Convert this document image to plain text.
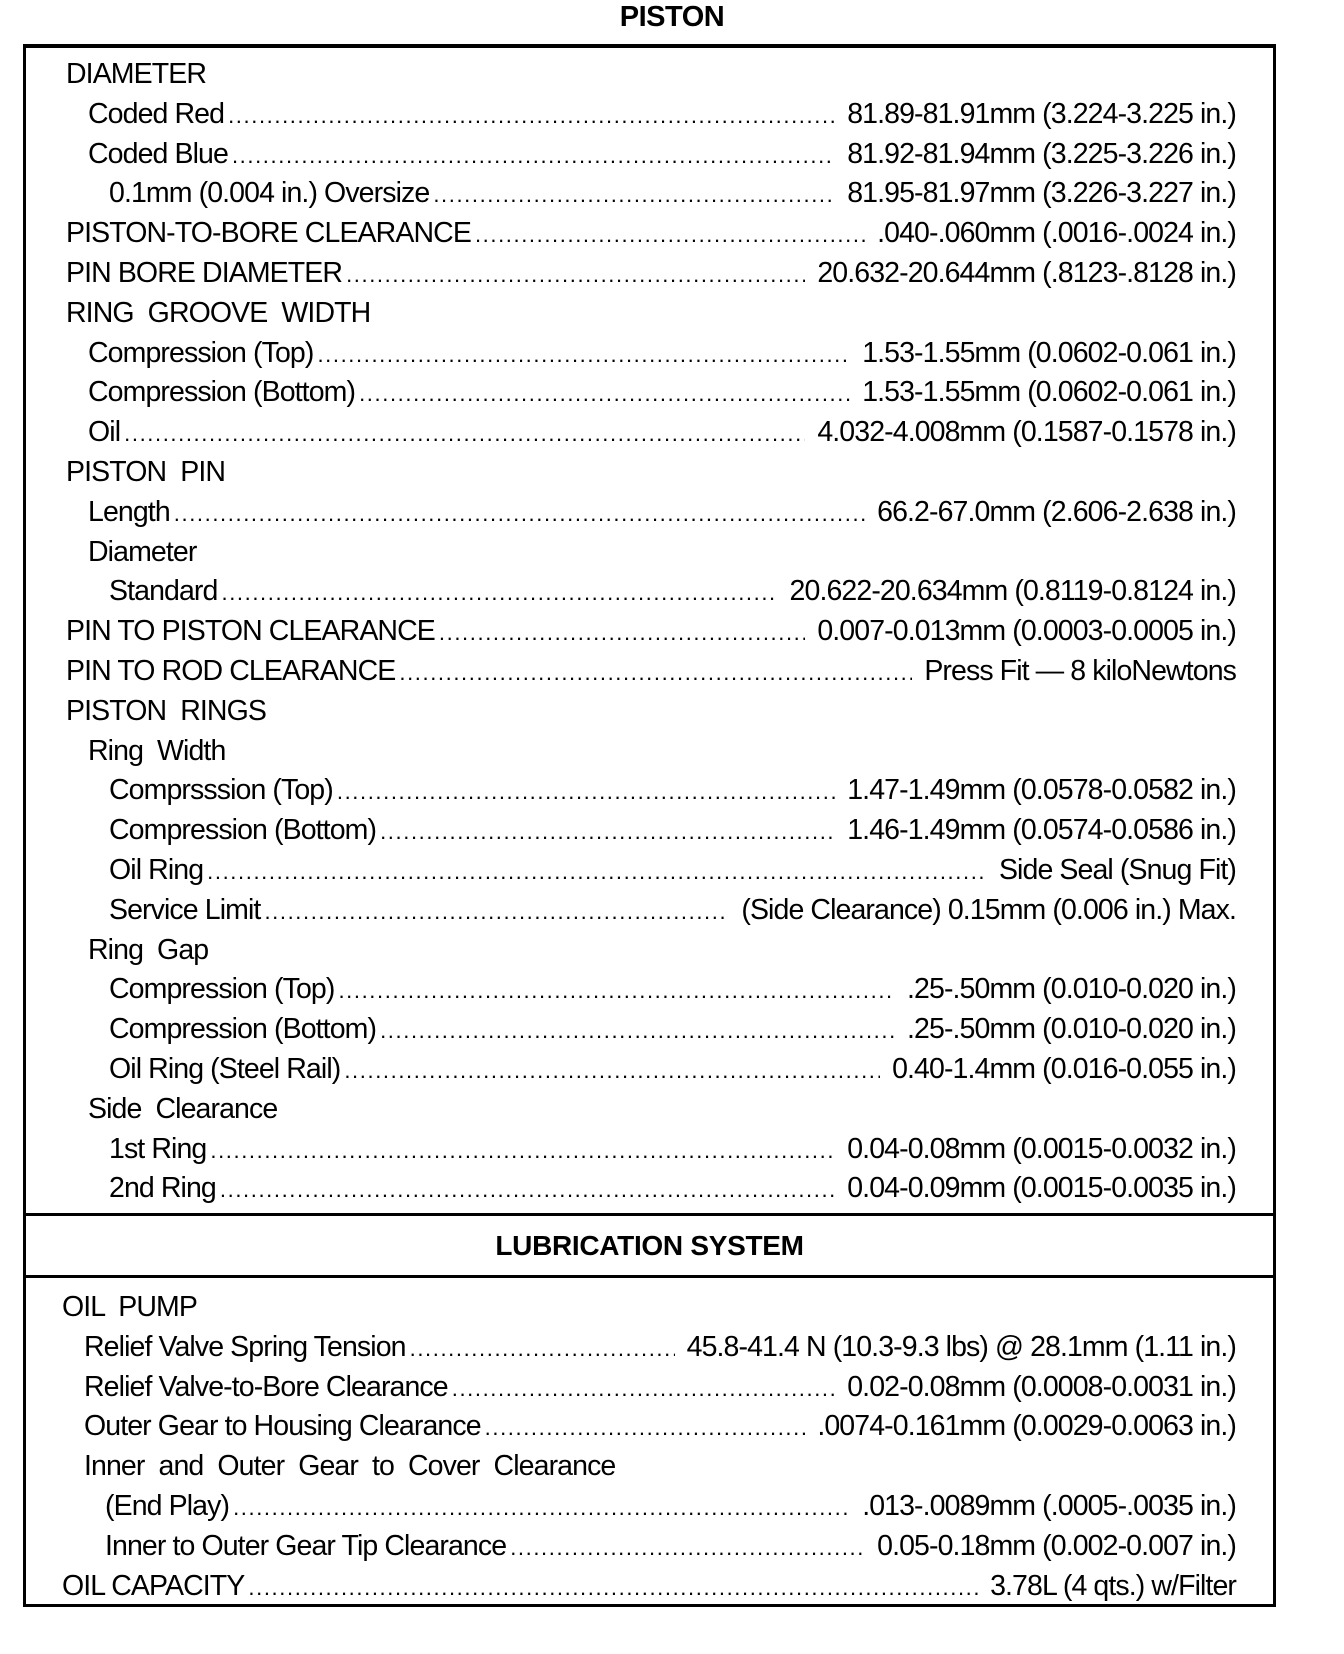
PISTON
DIAMETER
Coded Red .....	81.89-81.91mm (3.224-3.225 in.)
Coded Blue .....	81.92-81.94mm (3.225-3.226 in.)
0.1mm (0.004 in.) Oversize .....	81.95-81.97mm (3.226-3.227 in.)
PISTON-TO-BORE CLEARANCE .....	.040-.060mm (.0016-.0024 in.)
PIN BORE DIAMETER .....	20.632-20.644mm (.8123-.8128 in.)
RING  GROOVE  WIDTH
Compression (Top) .....	1.53-1.55mm (0.0602-0.061 in.)
Compression (Bottom) .....	1.53-1.55mm (0.0602-0.061 in.)
Oil .....	4.032-4.008mm (0.1587-0.1578 in.)
PISTON  PIN
Length .....	66.2-67.0mm (2.606-2.638 in.)
Diameter
Standard .....	20.622-20.634mm (0.8119-0.8124 in.)
PIN TO PISTON CLEARANCE .....	0.007-0.013mm (0.0003-0.0005 in.)
PIN TO ROD CLEARANCE .....	Press Fit — 8 kiloNewtons
PISTON  RINGS
Ring  Width
Comprsssion (Top) .....	1.47-1.49mm (0.0578-0.0582 in.)
Compression (Bottom) .....	1.46-1.49mm (0.0574-0.0586 in.)
Oil Ring .....	Side Seal (Snug Fit)
Service Limit .....	(Side Clearance) 0.15mm (0.006 in.) Max.
Ring  Gap
Compression (Top) .....	.25-.50mm (0.010-0.020 in.)
Compression (Bottom) .....	.25-.50mm (0.010-0.020 in.)
Oil Ring (Steel Rail) .....	0.40-1.4mm (0.016-0.055 in.)
Side  Clearance
1st Ring .....	0.04-0.08mm (0.0015-0.0032 in.)
2nd Ring .....	0.04-0.09mm (0.0015-0.0035 in.)
LUBRICATION SYSTEM
OIL  PUMP
Relief Valve Spring Tension .....	45.8-41.4 N (10.3-9.3 lbs) @ 28.1mm (1.11 in.)
Relief Valve-to-Bore Clearance .....	0.02-0.08mm (0.0008-0.0031 in.)
Outer Gear to Housing Clearance .....	.0074-0.161mm (0.0029-0.0063 in.)
Inner  and  Outer  Gear  to  Cover  Clearance
(End Play) .....	.013-.0089mm (.0005-.0035 in.)
Inner to Outer Gear Tip Clearance .....	0.05-0.18mm (0.002-0.007 in.)
OIL CAPACITY .....	3.78L (4 qts.) w/Filter
